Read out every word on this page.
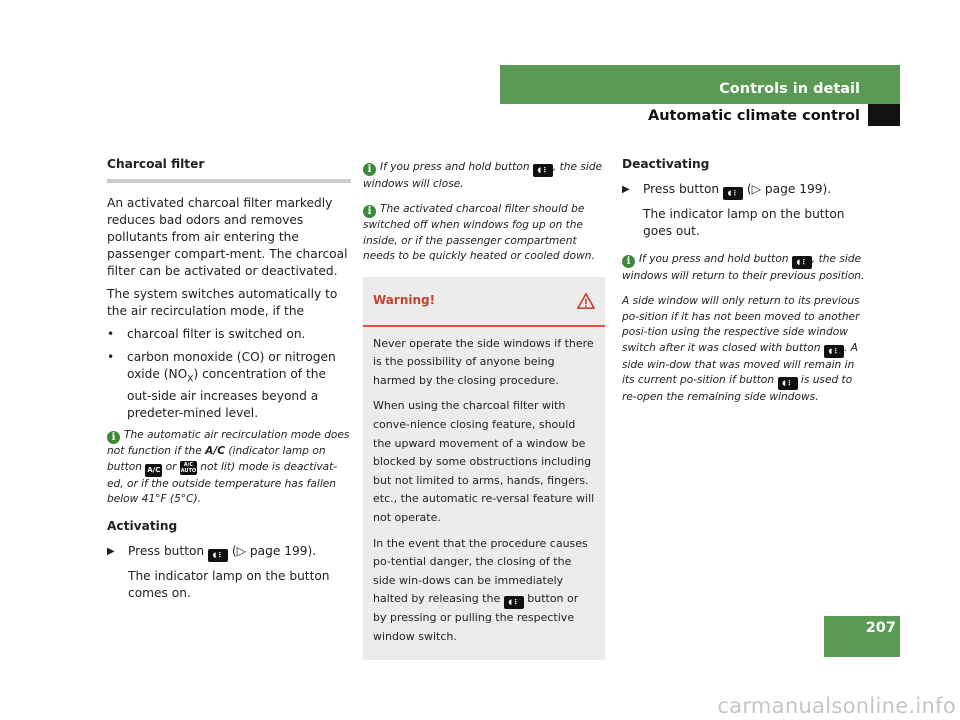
Controls in detail
Automatic climate control
Charcoal filter

An activated charcoal filter markedly reduces bad odors and removes pollutants from air entering the passenger compart-ment. The charcoal filter can be activated or deactivated.

The system switches automatically to the air recirculation mode, if the

•	charcoal filter is switched on.
•	carbon monoxide (CO) or nitrogen oxide $(NO_X)$ concentration of the out-side air increases beyond a predeter-mined level.
i The automatic air recirculation mode does not function if the A/C (indicator lamp on button A/C or A/C AUTO not lit) mode is deactivat-ed, or if the outside temperature has fallen below 41°F (5°C).
Activating
▶	Press button ◖⋮ (▷ page 199).
The indicator lamp on the button comes on.
i If you press and hold button ◖⋮ , the side windows will close.
i The activated charcoal filter should be switched off when windows fog up on the inside, or if the passenger compartment needs to be quickly heated or cooled down.
Warning!

Never operate the side windows if there is the possibility of anyone being harmed by the closing procedure.

When using the charcoal filter with conve-nience closing feature, should the upward movement of a window be blocked by some obstructions including but not limited to arms, hands, fingers. etc., the automatic re-versal feature will not operate.

In the event that the procedure causes po-tential danger, the closing of the side win-dows can be immediately halted by releasing the ◖⋮ button or by pressing or pulling the respective window switch.

Deactivating
▶	Press button ◖⋮ (▷ page 199).
The indicator lamp on the button goes out.
i If you press and hold button ◖⋮ , the side windows will return to their previous position.
A side window will only return to its previous po-sition if it has not been moved to another posi-tion using the respective side window switch after it was closed with button ◖⋮ . A side win-dow that was moved will remain in its current po-sition if button ◖⋮ is used to re-open the remaining side windows.
207
carmanualsonline.info
